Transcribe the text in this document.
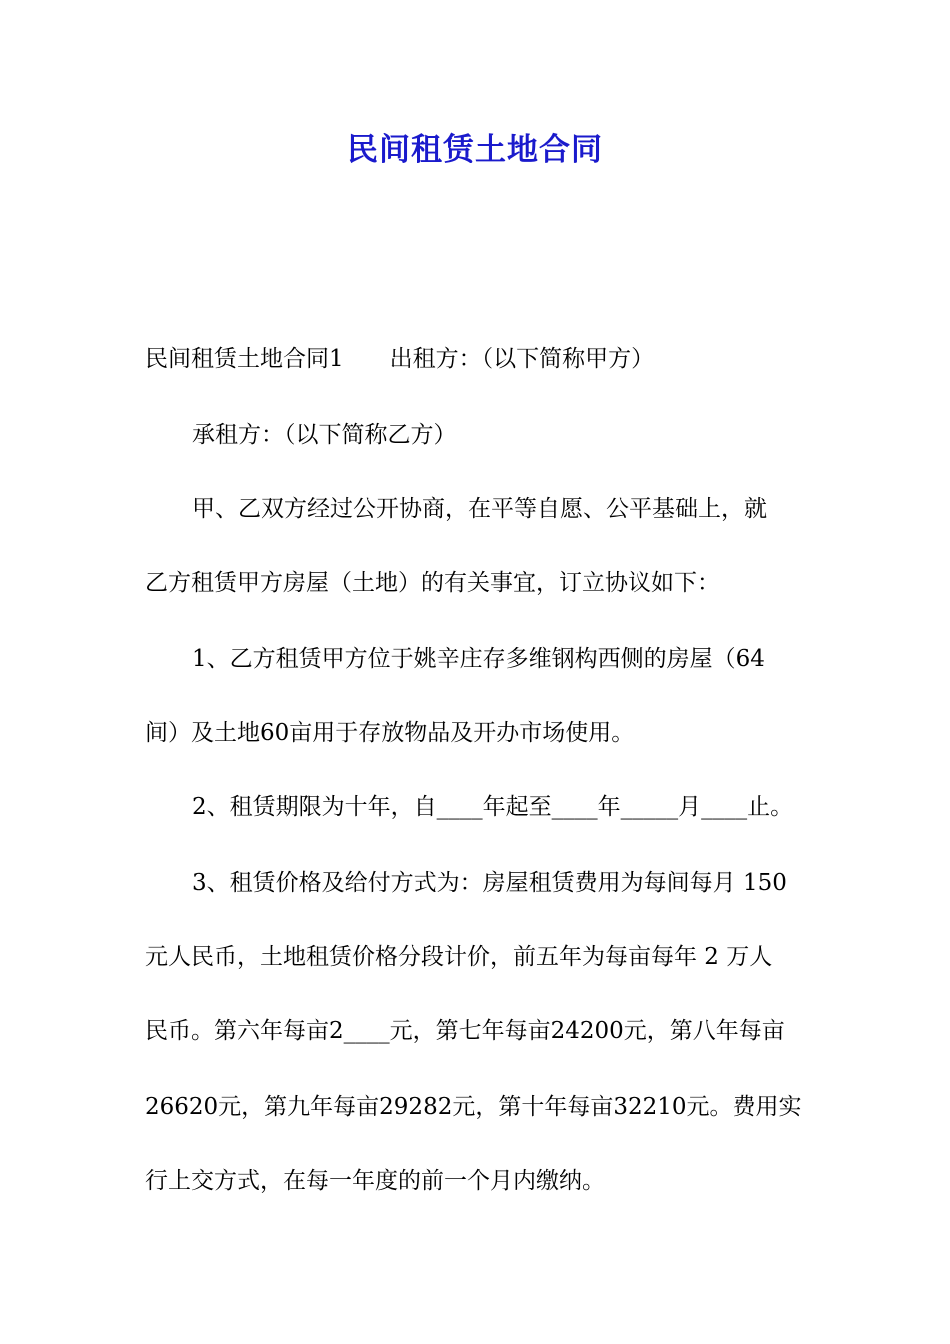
民间租赁土地合同
民间租赁土地合同1　　出租方：（以下简称甲方）
承租方：（以下简称乙方）
甲、乙双方经过公开协商，在平等自愿、公平基础上，就
乙方租赁甲方房屋（土地）的有关事宜，订立协议如下：
1、乙方租赁甲方位于姚辛庄存多维钢构西侧的房屋（64
间）及土地60亩用于存放物品及开办市场使用。
2、租赁期限为十年，自____年起至____年_____月____止。
3、租赁价格及给付方式为：房屋租赁费用为每间每月 150
元人民币，土地租赁价格分段计价，前五年为每亩每年 2 万人
民币。第六年每亩2____元，第七年每亩24200元，第八年每亩
26620元，第九年每亩29282元，第十年每亩32210元。费用实
行上交方式，在每一年度的前一个月内缴纳。
